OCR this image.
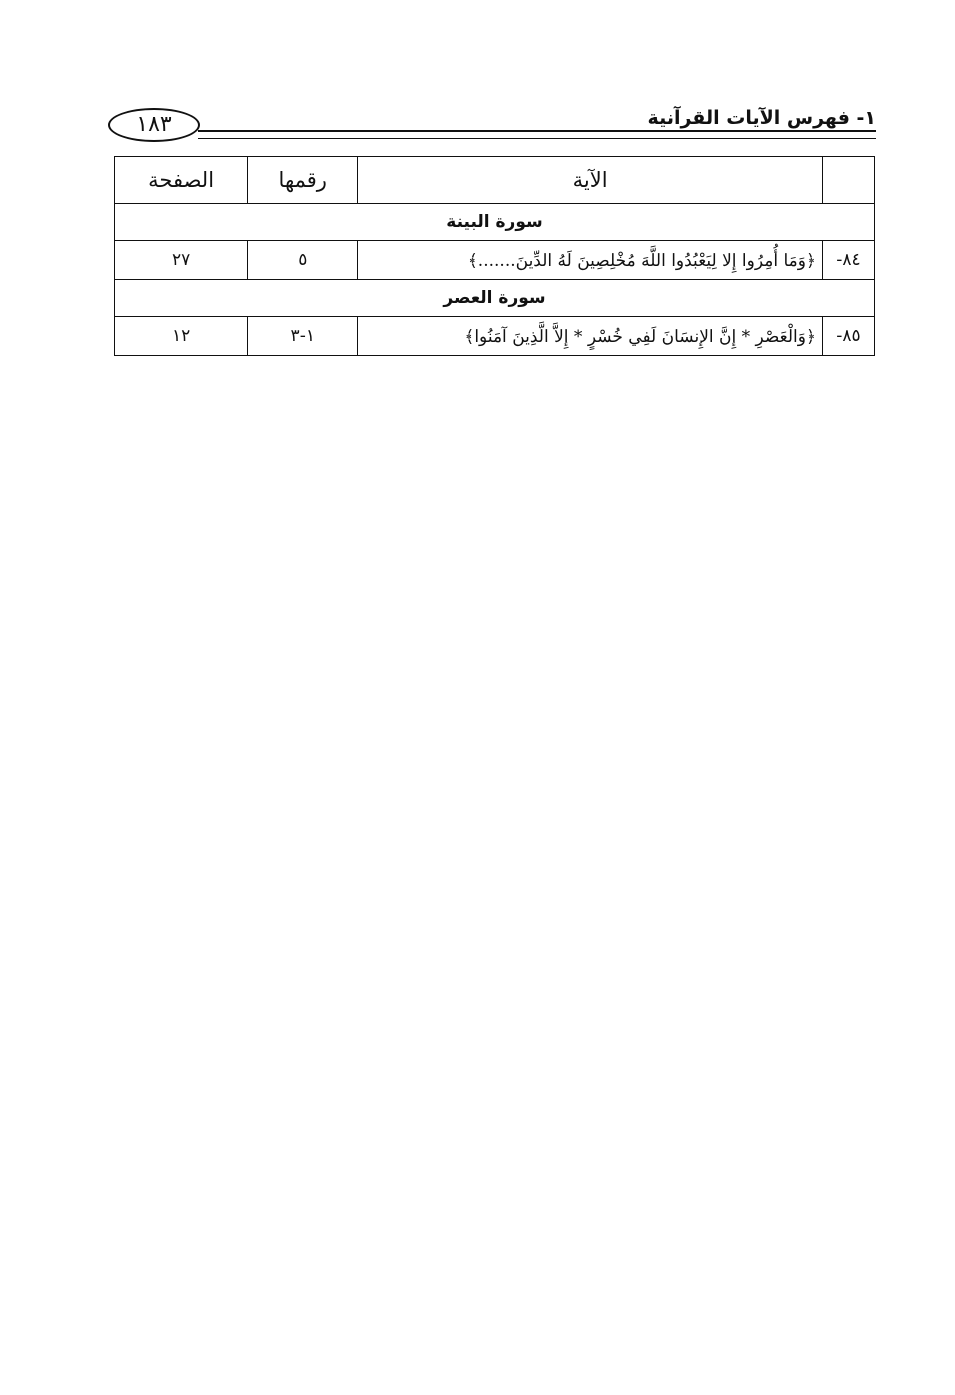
١٨٣	١- فهرس الآيات القرآنية
	الآية	رقمها	الصفحة
سورة البينة			
٨٤-	﴿وَمَا أُمِرُوا إِلا لِيَعْبُدُوا اللَّهَ مُخْلِصِينَ لَهُ الدِّينَ.......﴾	٥	٢٧
سورة العصر			
٨٥-	﴿وَالْعَصْرِ * إِنَّ الإِنسَانَ لَفِي خُسْرٍ * إِلاَّ الَّذِينَ آمَنُوا﴾	١-٣	١٢
